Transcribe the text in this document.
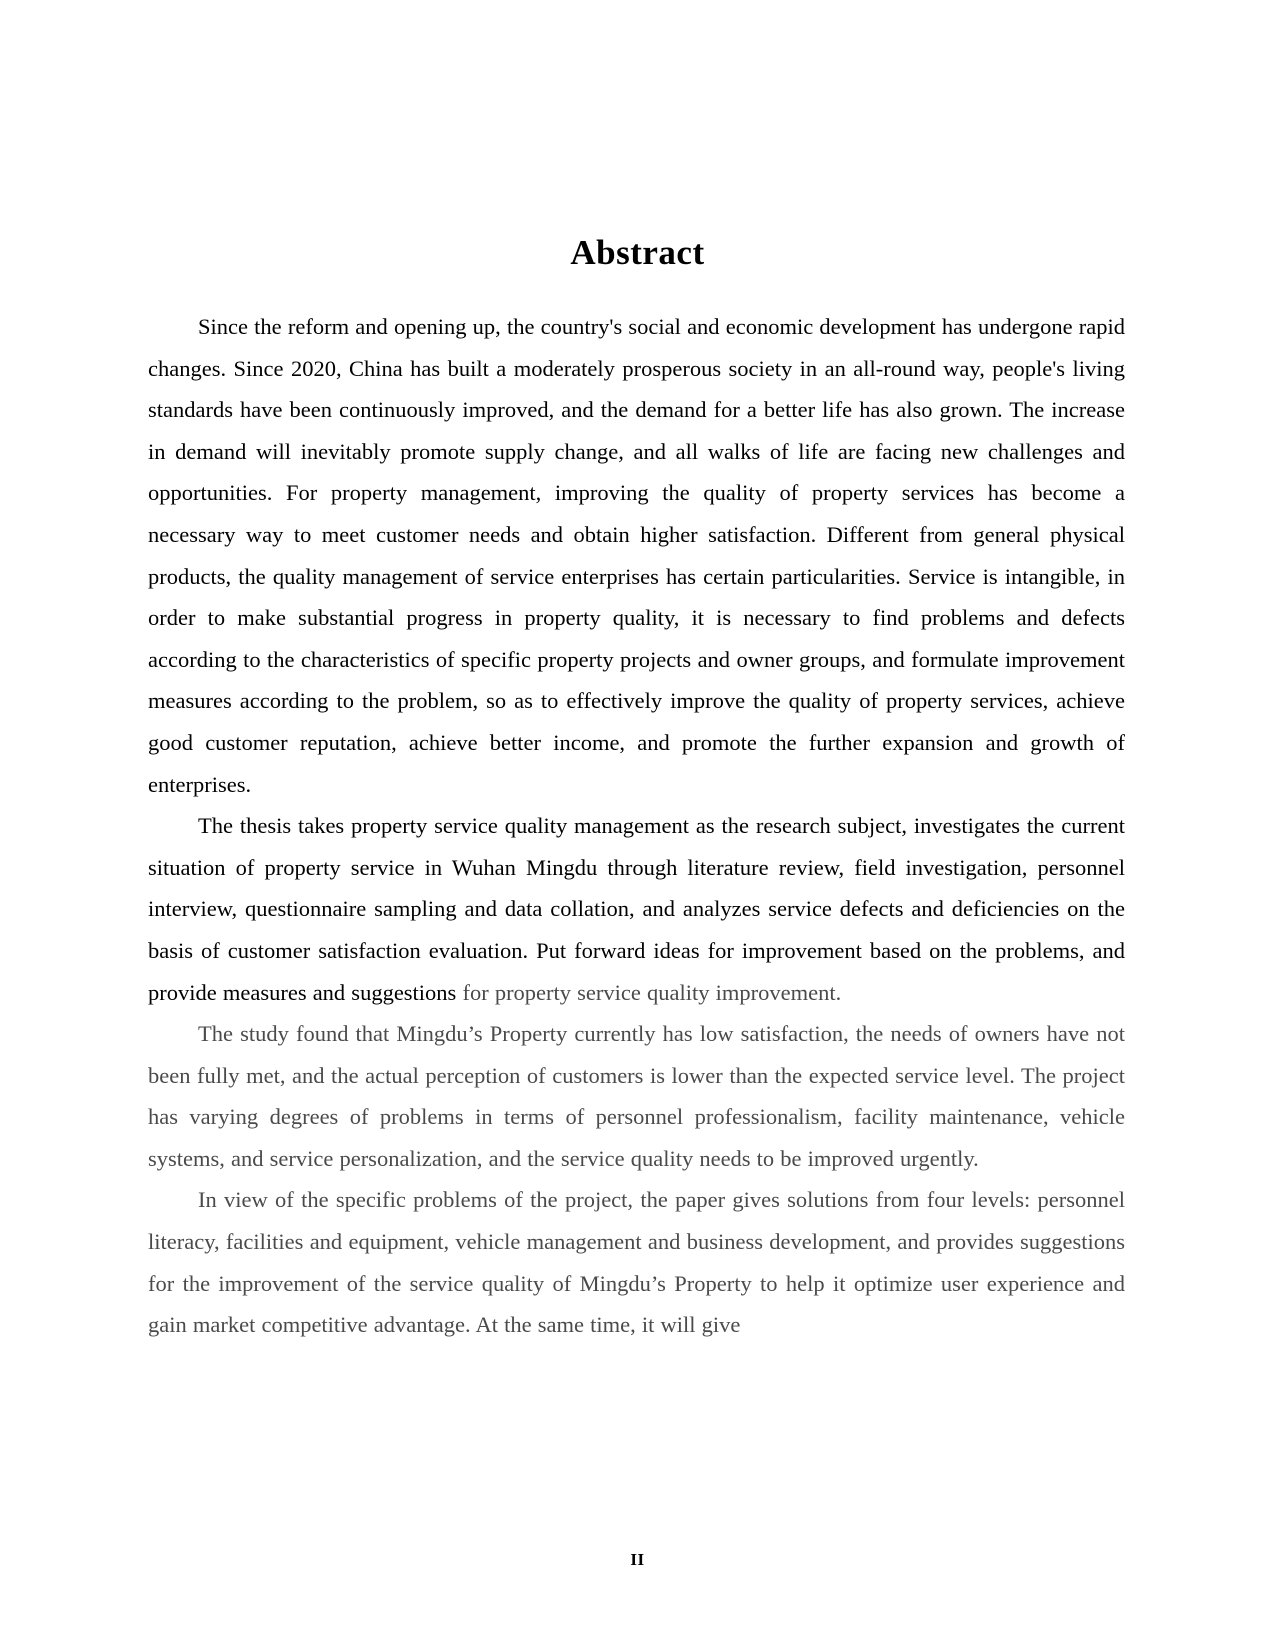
Abstract

Since the reform and opening up, the country's social and economic development has undergone rapid changes. Since 2020, China has built a moderately prosperous society in an all-round way, people's living standards have been continuously improved, and the demand for a better life has also grown. The increase in demand will inevitably promote supply change, and all walks of life are facing new challenges and opportunities. For property management, improving the quality of property services has become a necessary way to meet customer needs and obtain higher satisfaction. Different from general physical products, the quality management of service enterprises has certain particularities. Service is intangible, in order to make substantial progress in property quality, it is necessary to find problems and defects according to the characteristics of specific property projects and owner groups, and formulate improvement measures according to the problem, so as to effectively improve the quality of property services, achieve good customer reputation, achieve better income, and promote the further expansion and growth of enterprises.

The thesis takes property service quality management as the research subject, investigates the current situation of property service in Wuhan Mingdu through literature review, field investigation, personnel interview, questionnaire sampling and data collation, and analyzes service defects and deficiencies on the basis of customer satisfaction evaluation. Put forward ideas for improvement based on the problems, and provide measures and suggestions for property service quality improvement.

The study found that Mingdu’s Property currently has low satisfaction, the needs of owners have not been fully met, and the actual perception of customers is lower than the expected service level. The project has varying degrees of problems in terms of personnel professionalism, facility maintenance, vehicle systems, and service personalization, and the service quality needs to be improved urgently.

In view of the specific problems of the project, the paper gives solutions from four levels: personnel literacy, facilities and equipment, vehicle management and business development, and provides suggestions for the improvement of the service quality of Mingdu’s Property to help it optimize user experience and gain market competitive advantage. At the same time, it will give

II
